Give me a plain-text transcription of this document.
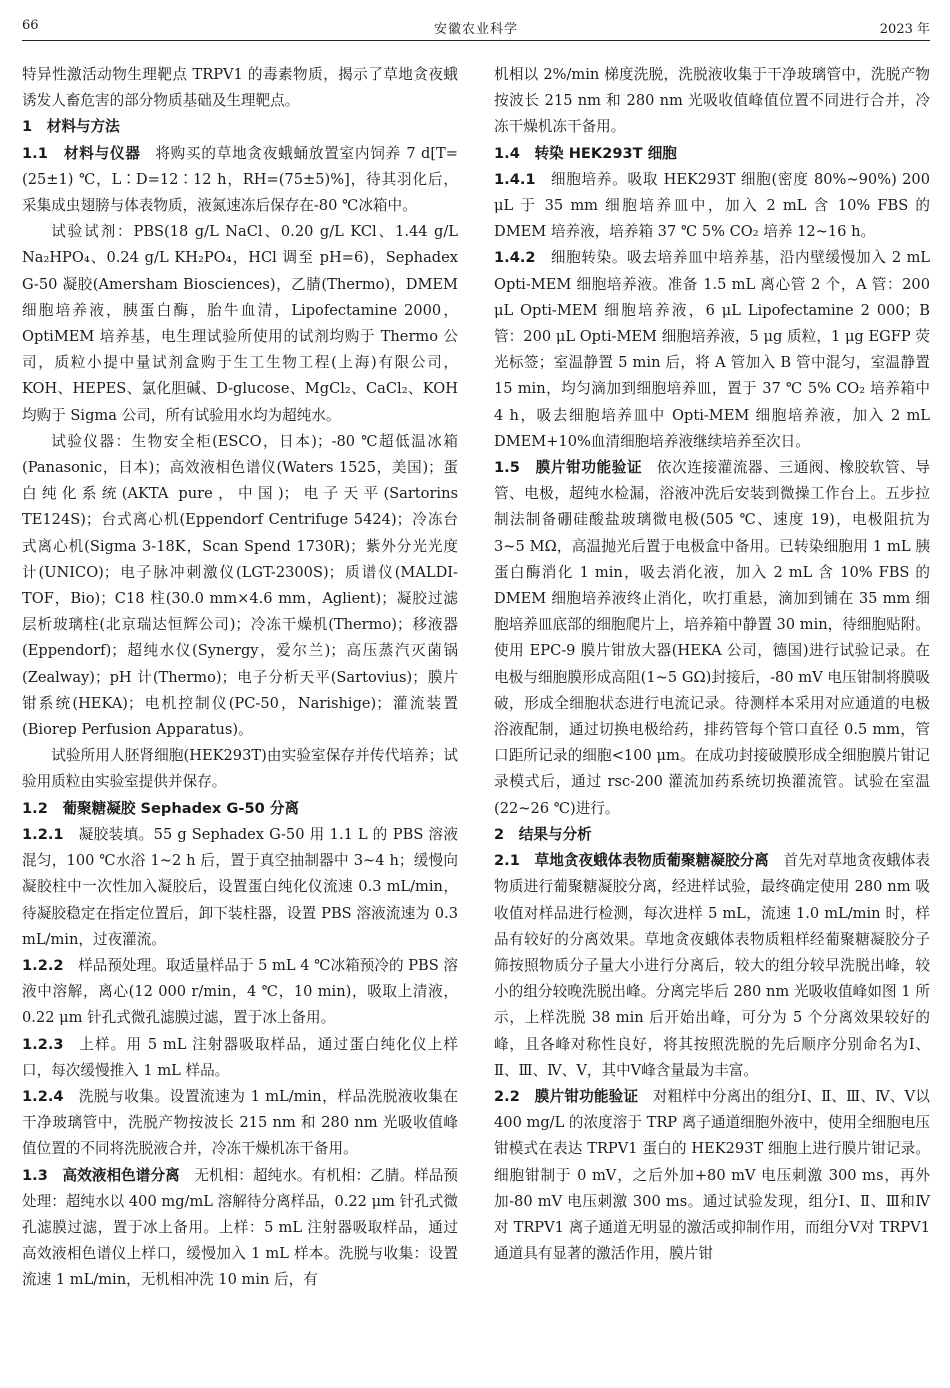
66	安徽农业科学	2023 年

特异性激活动物生理靶点 TRPV1 的毒素物质，揭示了草地贪夜蛾诱发人畜危害的部分物质基础及生理靶点。

1　材料与方法

1.1　材料与仪器 将购买的草地贪夜蛾蛹放置室内饲养 7 d[T=(25±1) ℃，L∶D=12∶12 h，RH=(75±5)%]，待其羽化后，采集成虫翅膀与体表物质，液氮速冻后保存在-80 ℃冰箱中。

试验试剂：PBS(18 g/L NaCl、0.20 g/L KCl、1.44 g/L Na₂HPO₄、0.24 g/L KH₂PO₄，HCl 调至 pH=6)，Sephadex G-50 凝胶(Amersham Biosciences)，乙腈(Thermo)，DMEM 细胞培养液，胰蛋白酶，胎牛血清，Lipofectamine 2000，OptiMEM 培养基，电生理试验所使用的试剂均购于 Thermo 公司，质粒小提中量试剂盒购于生工生物工程(上海)有限公司，KOH、HEPES、氯化胆碱、D-glucose、MgCl₂、CaCl₂、KOH 均购于 Sigma 公司，所有试验用水均为超纯水。

试验仪器：生物安全柜(ESCO，日本)；-80 ℃超低温冰箱(Panasonic，日本)；高效液相色谱仪(Waters 1525，美国)；蛋白纯化系统(AKTA pure，中国)；电子天平(Sartorins TE124S)；台式离心机(Eppendorf Centrifuge 5424)；冷冻台式离心机(Sigma 3-18K，Scan Spend 1730R)；紫外分光光度计(UNICO)；电子脉冲刺激仪(LGT-2300S)；质谱仪(MALDI-TOF，Bio)；C18 柱(30.0 mm×4.6 mm，Aglient)；凝胶过滤层析玻璃柱(北京瑞达恒辉公司)；冷冻干燥机(Thermo)；移液器(Eppendorf)；超纯水仪(Synergy，爱尔兰)；高压蒸汽灭菌锅(Zealway)；pH 计(Thermo)；电子分析天平(Sartovius)；膜片钳系统(HEKA)；电机控制仪(PC-50，Narishige)；灌流装置(Biorep Perfusion Apparatus)。

试验所用人胚肾细胞(HEK293T)由实验室保存并传代培养；试验用质粒由实验室提供并保存。

1.2　葡聚糖凝胶 Sephadex G-50 分离

1.2.1 凝胶装填。55 g Sephadex G-50 用 1.1 L 的 PBS 溶液混匀，100 ℃水浴 1~2 h 后，置于真空抽制器中 3~4 h；缓慢向凝胶柱中一次性加入凝胶后，设置蛋白纯化仪流速 0.3 mL/min，待凝胶稳定在指定位置后，卸下装柱器，设置 PBS 溶液流速为 0.3 mL/min，过夜灌流。

1.2.2 样品预处理。取适量样品于 5 mL 4 ℃冰箱预冷的 PBS 溶液中溶解，离心(12 000 r/min，4 ℃，10 min)，吸取上清液，0.22 μm 针孔式微孔滤膜过滤，置于冰上备用。

1.2.3 上样。用 5 mL 注射器吸取样品，通过蛋白纯化仪上样口，每次缓慢推入 1 mL 样品。

1.2.4 洗脱与收集。设置流速为 1 mL/min，样品洗脱液收集在干净玻璃管中，洗脱产物按波长 215 nm 和 280 nm 光吸收值峰值位置的不同将洗脱液合并，冷冻干燥机冻干备用。

1.3　高效液相色谱分离 无机相：超纯水。有机相：乙腈。样品预处理：超纯水以 400 mg/mL 溶解待分离样品，0.22 μm 针孔式微孔滤膜过滤，置于冰上备用。上样：5 mL 注射器吸取样品，通过高效液相色谱仪上样口，缓慢加入 1 mL 样本。洗脱与收集：设置流速 1 mL/min，无机相冲洗 10 min 后，有

机相以 2%/min 梯度洗脱，洗脱液收集于干净玻璃管中，洗脱产物按波长 215 nm 和 280 nm 光吸收值峰值位置不同进行合并，冷冻干燥机冻干备用。

1.4　转染 HEK293T 细胞

1.4.1 细胞培养。吸取 HEK293T 细胞(密度 80%~90%) 200 μL 于 35 mm 细胞培养皿中，加入 2 mL 含 10% FBS 的 DMEM 培养液，培养箱 37 ℃ 5% CO₂ 培养 12~16 h。

1.4.2 细胞转染。吸去培养皿中培养基，沿内壁缓慢加入 2 mL Opti-MEM 细胞培养液。准备 1.5 mL 离心管 2 个，A 管：200 μL Opti-MEM 细胞培养液，6 μL Lipofectamine 2 000；B 管：200 μL Opti-MEM 细胞培养液，5 μg 质粒，1 μg EGFP 荧光标签；室温静置 5 min 后，将 A 管加入 B 管中混匀，室温静置 15 min，均匀滴加到细胞培养皿，置于 37 ℃ 5% CO₂ 培养箱中 4 h，吸去细胞培养皿中 Opti-MEM 细胞培养液，加入 2 mL DMEM+10%血清细胞培养液继续培养至次日。

1.5　膜片钳功能验证 依次连接灌流器、三通阀、橡胶软管、导管、电极，超纯水检漏，浴液冲洗后安装到微操工作台上。五步拉制法制备硼硅酸盐玻璃微电极(505 ℃、速度 19)，电极阻抗为 3~5 MΩ，高温抛光后置于电极盒中备用。已转染细胞用 1 mL 胰蛋白酶消化 1 min，吸去消化液，加入 2 mL 含 10% FBS 的 DMEM 细胞培养液终止消化，吹打重悬，滴加到铺在 35 mm 细胞培养皿底部的细胞爬片上，培养箱中静置 30 min，待细胞贴附。使用 EPC-9 膜片钳放大器(HEKA 公司，德国)进行试验记录。在电极与细胞膜形成高阻(1~5 GΩ)封接后，-80 mV 电压钳制将膜吸破，形成全细胞状态进行电流记录。待测样本采用对应通道的电极浴液配制，通过切换电极给药，排药管每个管口直径 0.5 mm，管口距所记录的细胞<100 μm。在成功封接破膜形成全细胞膜片钳记录模式后，通过 rsc-200 灌流加药系统切换灌流管。试验在室温(22~26 ℃)进行。

2　结果与分析

2.1　草地贪夜蛾体表物质葡聚糖凝胶分离 首先对草地贪夜蛾体表物质进行葡聚糖凝胶分离，经进样试验，最终确定使用 280 nm 吸收值对样品进行检测，每次进样 5 mL，流速 1.0 mL/min 时，样品有较好的分离效果。草地贪夜蛾体表物质粗样经葡聚糖凝胶分子筛按照物质分子量大小进行分离后，较大的组分较早洗脱出峰，较小的组分较晚洗脱出峰。分离完毕后 280 nm 光吸收值峰如图 1 所示，上样洗脱 38 min 后开始出峰，可分为 5 个分离效果较好的峰，且各峰对称性良好，将其按照洗脱的先后顺序分别命名为Ⅰ、Ⅱ、Ⅲ、Ⅳ、Ⅴ，其中Ⅴ峰含量最为丰富。

2.2　膜片钳功能验证 对粗样中分离出的组分Ⅰ、Ⅱ、Ⅲ、Ⅳ、Ⅴ以 400 mg/L 的浓度溶于 TRP 离子通道细胞外液中，使用全细胞电压钳模式在表达 TRPV1 蛋白的 HEK293T 细胞上进行膜片钳记录。细胞钳制于 0 mV，之后外加+80 mV 电压刺激 300 ms，再外加-80 mV 电压刺激 300 ms。通过试验发现，组分Ⅰ、Ⅱ、Ⅲ和Ⅳ对 TRPV1 离子通道无明显的激活或抑制作用，而组分Ⅴ对 TRPV1 通道具有显著的激活作用，膜片钳
